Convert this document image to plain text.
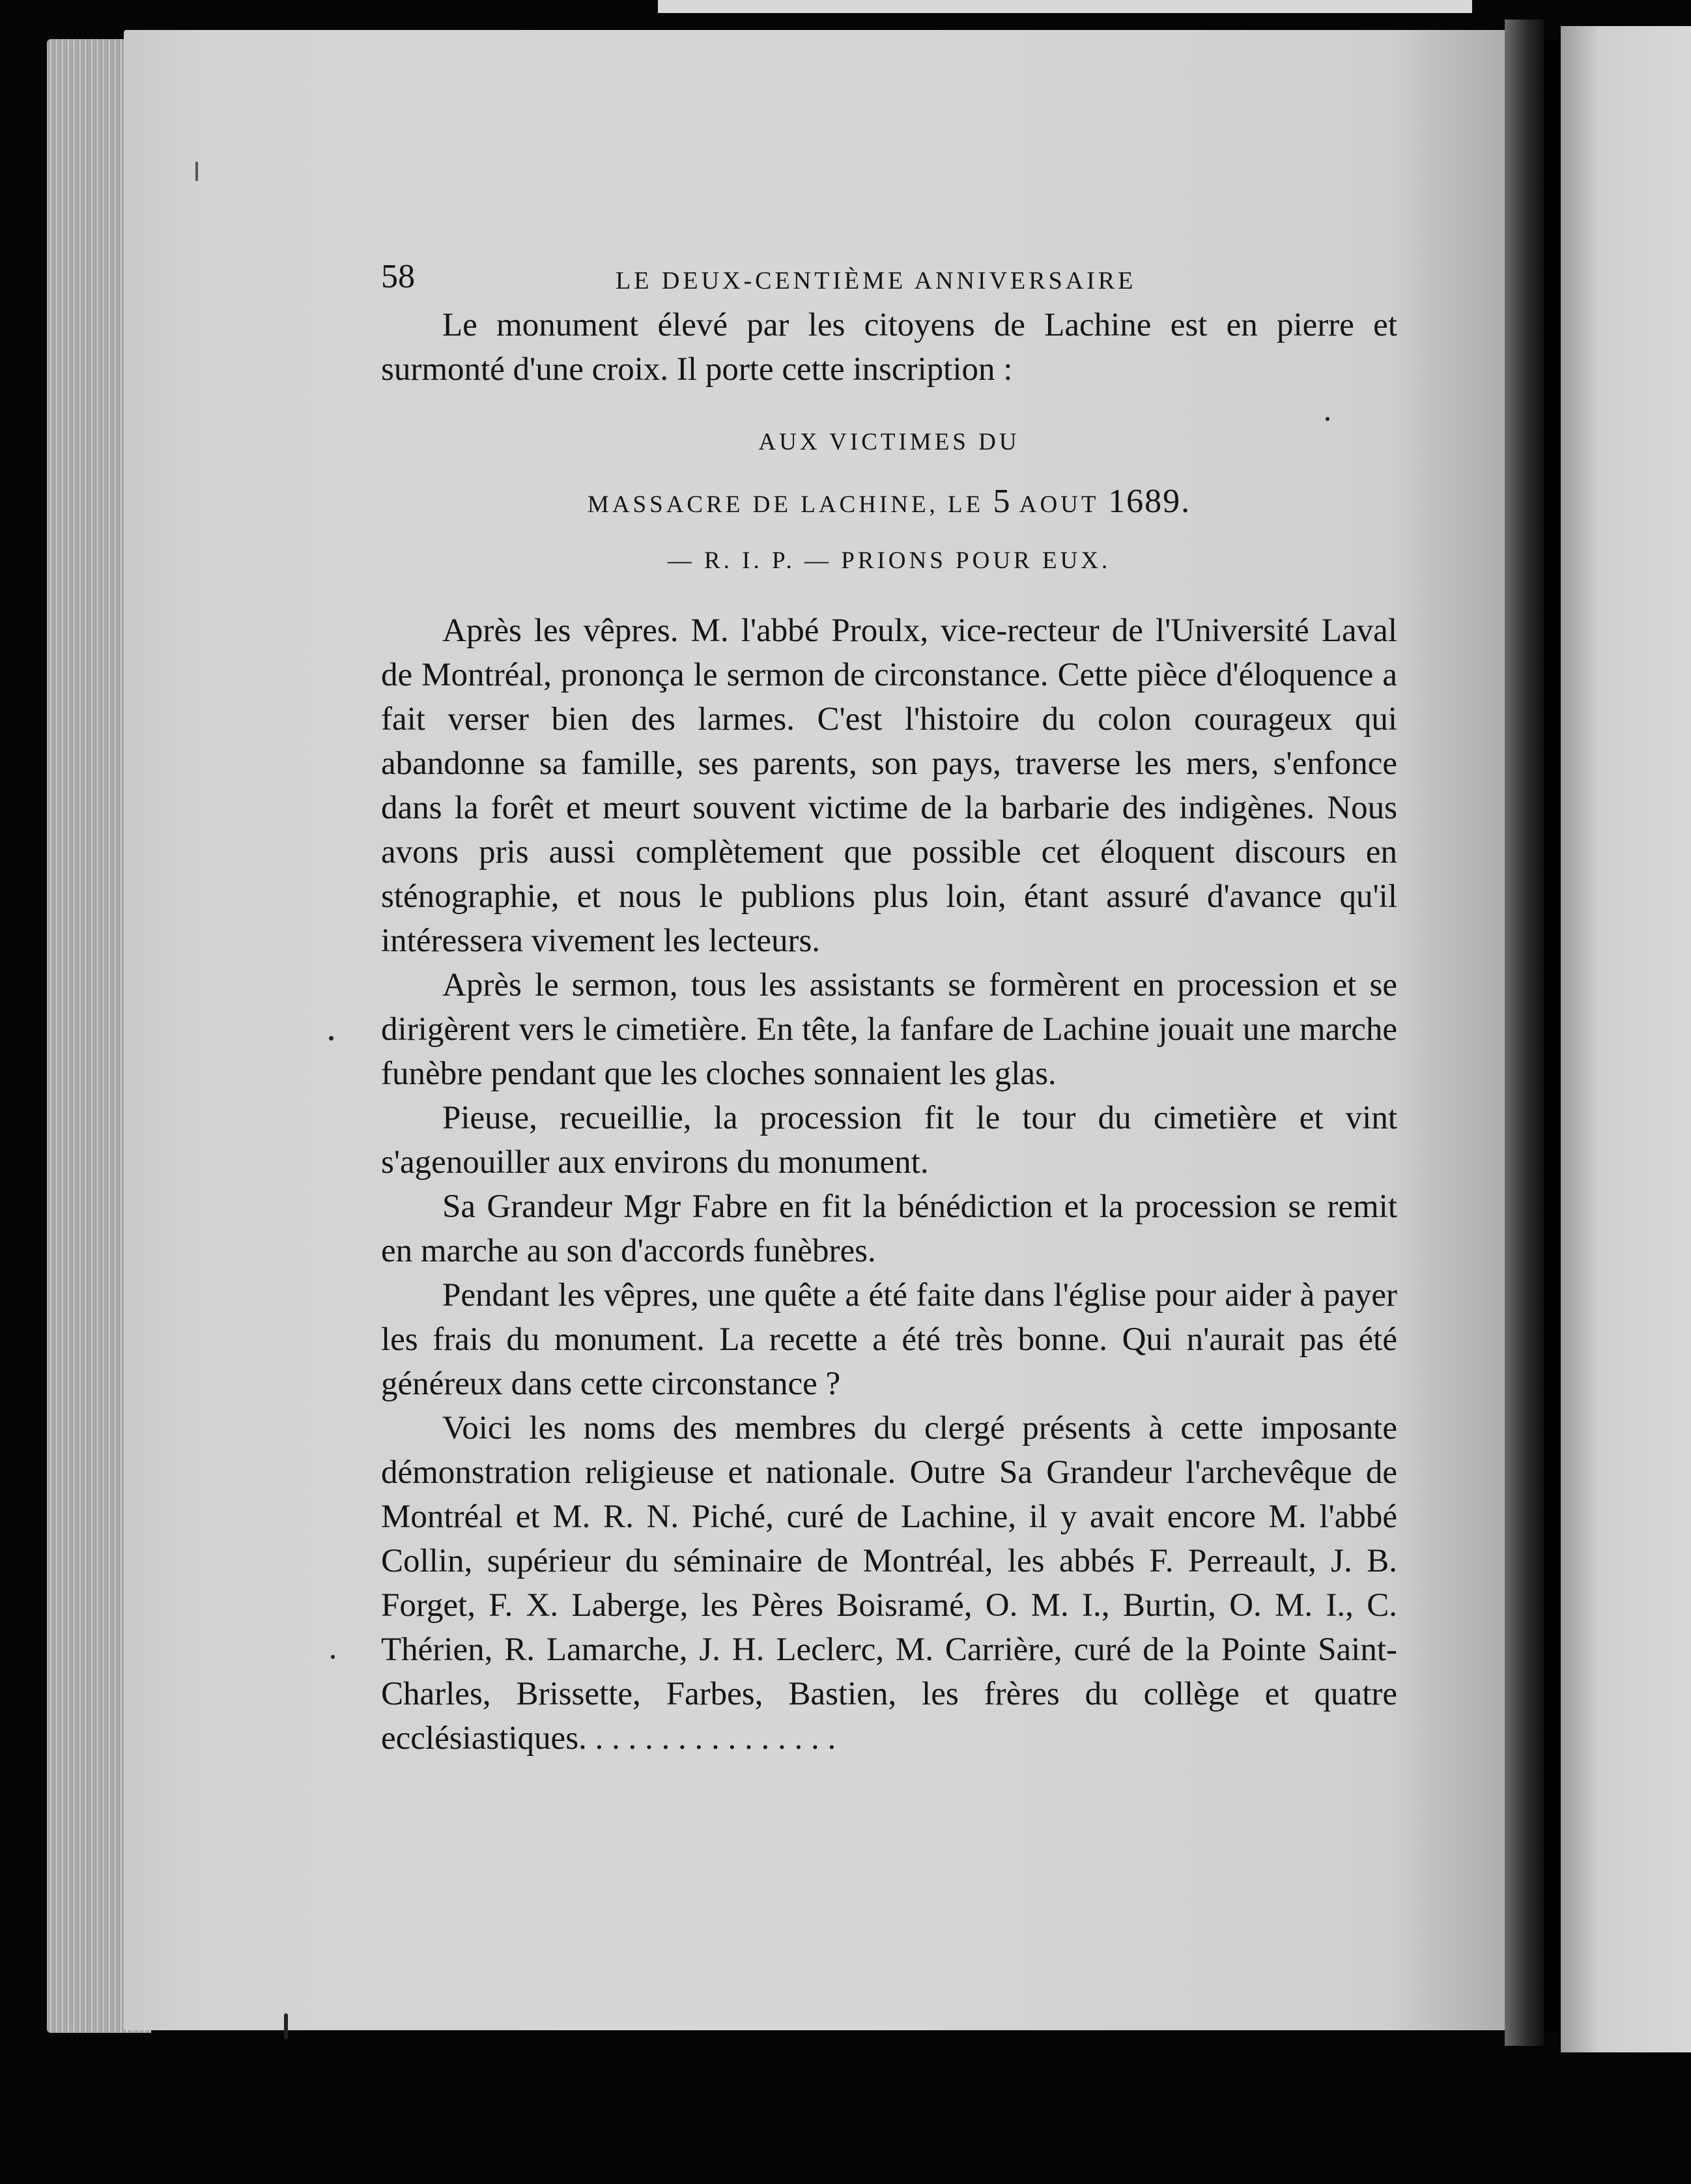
58	LE DEUX-CENTIÈME ANNIVERSAIRE

Le monument élevé par les citoyens de Lachine est en pierre et surmonté d'une croix. Il porte cette inscription :

AUX VICTIMES DU

MASSACRE DE LACHINE, LE 5 AOUT 1689.

— R. I. P. — PRIONS POUR EUX.

Après les vêpres. M. l'abbé Proulx, vice-recteur de l'Université Laval de Montréal, prononça le sermon de circonstance. Cette pièce d'éloquence a fait verser bien des larmes. C'est l'histoire du colon courageux qui abandonne sa famille, ses parents, son pays, traverse les mers, s'enfonce dans la forêt et meurt souvent victime de la barbarie des indigènes. Nous avons pris aussi complètement que possible cet éloquent discours en sténographie, et nous le publions plus loin, étant assuré d'avance qu'il intéressera vivement les lecteurs.

Après le sermon, tous les assistants se formèrent en procession et se dirigèrent vers le cimetière. En tête, la fanfare de Lachine jouait une marche funèbre pendant que les cloches sonnaient les glas.

Pieuse, recueillie, la procession fit le tour du cimetière et vint s'agenouiller aux environs du monument.

Sa Grandeur Mgr Fabre en fit la bénédiction et la procession se remit en marche au son d'accords funèbres.

Pendant les vêpres, une quête a été faite dans l'église pour aider à payer les frais du monument. La recette a été très bonne. Qui n'aurait pas été généreux dans cette circonstance ?

Voici les noms des membres du clergé présents à cette imposante démonstration religieuse et nationale. Outre Sa Grandeur l'archevêque de Montréal et M. R. N. Piché, curé de Lachine, il y avait encore M. l'abbé Collin, supérieur du séminaire de Montréal, les abbés F. Perreault, J. B. Forget, F. X. Laberge, les Pères Boisramé, O. M. I., Burtin, O. M. I., C. Thérien, R. Lamarche, J. H. Leclerc, M. Carrière, curé de la Pointe Saint-Charles, Brissette, Farbes, Bastien, les frères du collège et quatre ecclésiastiques. . . . . . . . . . . . . . . .
